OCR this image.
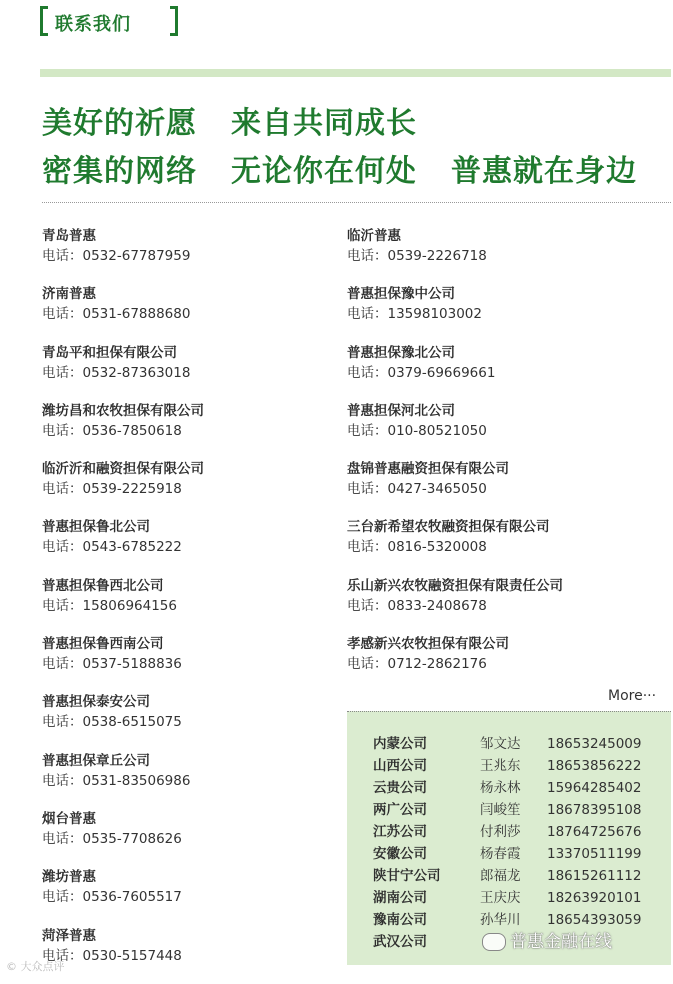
联系我们
美好的祈愿 来自共同成长
密集的网络 无论你在何处 普惠就在身边
青岛普惠
电话：0532-67787959
济南普惠
电话：0531-67888680
青岛平和担保有限公司
电话：0532-87363018
潍坊昌和农牧担保有限公司
电话：0536-7850618
临沂沂和融资担保有限公司
电话：0539-2225918
普惠担保鲁北公司
电话：0543-6785222
普惠担保鲁西北公司
电话：15806964156
普惠担保鲁西南公司
电话：0537-5188836
普惠担保泰安公司
电话：0538-6515075
普惠担保章丘公司
电话：0531-83506986
烟台普惠
电话：0535-7708626
潍坊普惠
电话：0536-7605517
菏泽普惠
电话：0530-5157448
临沂普惠
电话：0539-2226718
普惠担保豫中公司
电话：13598103002
普惠担保豫北公司
电话：0379-69669661
普惠担保河北公司
电话：010-80521050
盘锦普惠融资担保有限公司
电话：0427-3465050
三台新希望农牧融资担保有限公司
电话：0816-5320008
乐山新兴农牧融资担保有限责任公司
电话：0833-2408678
孝感新兴农牧担保有限公司
电话：0712-2862176
More···
内蒙公司	邹文达 18653245009
山西公司	王兆东 18653856222
云贵公司	杨永林 15964285402
两广公司	闫峻笙 18678395108
江苏公司	付利莎 18764725676
安徽公司	杨春霞 13370511199
陕甘宁公司	郎福龙 18615261112
湖南公司	王庆庆 18263920101
豫南公司	孙华川 18654393059
武汉公司
© 大众点评
普惠金融在线
